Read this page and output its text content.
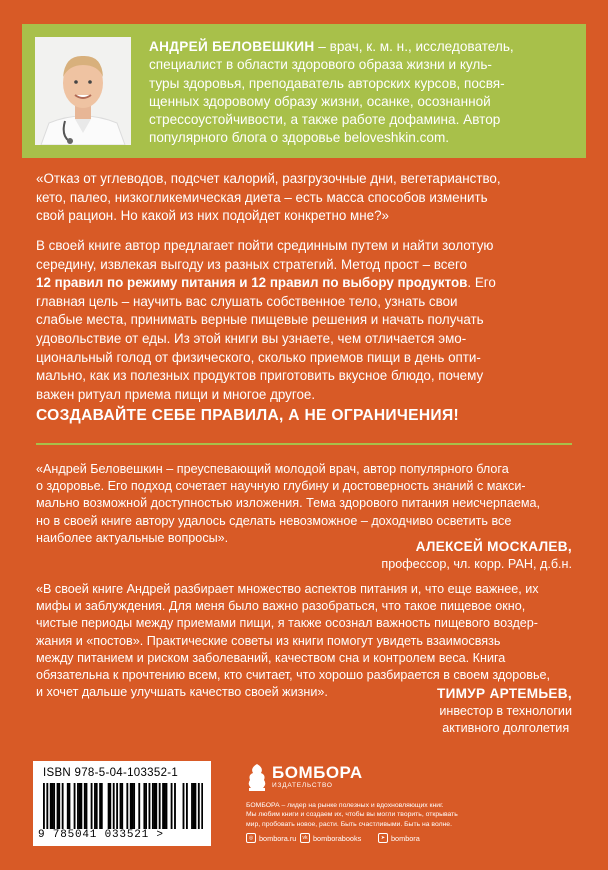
АНДРЕЙ БЕЛОВЕШКИН – врач, к. м. н., исследователь,
специалист в области здорового образа жизни и куль-
туры здоровья, преподаватель авторских курсов, посвя-
щенных здоровому образу жизни, осанке, осознанной
стрессоустойчивости, а также работе дофамина. Автор
популярного блога о здоровье beloveshkin.com.
«Отказ от углеводов, подсчет калорий, разгрузочные дни, вегетарианство,
кето, палео, низкогликемическая диета – есть масса способов изменить
свой рацион. Но какой из них подойдет конкретно мне?»
В своей книге автор предлагает пойти срединным путем и найти золотую
середину, извлекая выгоду из разных стратегий. Метод прост – всего
12 правил по режиму питания и 12 правил по выбору продуктов. Его
главная цель – научить вас слушать собственное тело, узнать свои
слабые места, принимать верные пищевые решения и начать получать
удовольствие от еды. Из этой книги вы узнаете, чем отличается эмо-
циональный голод от физического, сколько приемов пищи в день опти-
мально, как из полезных продуктов приготовить вкусное блюдо, почему
важен ритуал приема пищи и многое другое.
СОЗДАВАЙТЕ СЕБЕ ПРАВИЛА, А НЕ ОГРАНИЧЕНИЯ!
«Андрей Беловешкин – преуспевающий молодой врач, автор популярного блога
о здоровье. Его подход сочетает научную глубину и достоверность знаний с макси-
мально возможной доступностью изложения. Тема здорового питания неисчерпаема,
но в своей книге автору удалось сделать невозможное – доходчиво осветить все
наиболее актуальные вопросы».
АЛЕКСЕЙ МОСКАЛЕВ,
профессор, чл. корр. РАН, д.б.н.
«В своей книге Андрей разбирает множество аспектов питания и, что еще важнее, их
мифы и заблуждения. Для меня было важно разобраться, что такое пищевое окно,
чистые периоды между приемами пищи, я также осознал важность пищевого воздер-
жания и «постов». Практические советы из книги помогут увидеть взаимосвязь
между питанием и риском заболеваний, качеством сна и контролем веса. Книга
обязательна к прочтению всем, кто считает, что хорошо разбирается в своем здоровье,
и хочет дальше улучшать качество своей жизни».	ТИМУР АРТЕМЬЕВ,
инвестор в технологии
активного долголетия
ISBN 978-5-04-103352-1
9 785041 033521 >
БОМБОРА
ИЗДАТЕЛЬСТВО
БОМБОРА – лидер на рынке полезных и вдохновляющих книг.
Мы любим книги и создаем их, чтобы вы могли творить, открывать
мир, пробовать новое, расти. Быть счастливыми. Быть на волне.
◎ bombora.ru	vk bomborabooks	➤ bombora
